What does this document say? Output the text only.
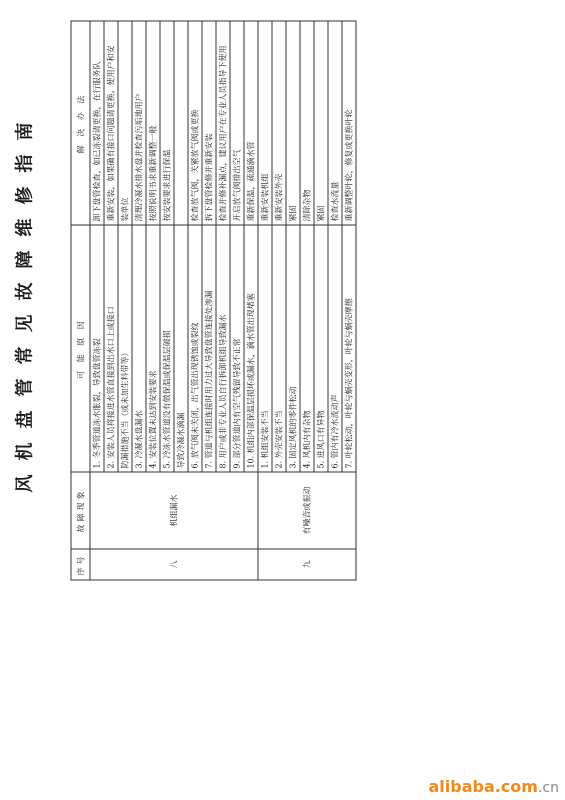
风机盘管常见故障维修指南
序号	故障现象	可 能 原 因	解 决 办 法
八	机组漏水	1. 冬季管道冻水胀裂，导致盘管冻裂	卸下盘管检查，如已冻裂请更换，在行服务队
		2. 安装人员将接进水管直接到出水口上或接口	重新安装，如果确有接口问题请更换。使用户和安
		防漏措施不当（或未加生料带等）	装单位
		3. 冷凝水盘漏水	清理冷凝水排水盘并检查污垢地用户
		4. 安装位置未达到安装要求	按照说明书求重新调整一般
		5. 冷冻水管道没有做保温或保温层破损	按安装要求进行保温
		导致冷凝水滴漏	
		6. 放气阀未关闭，出气管出现锈蚀或裂纹	检查放气阀，关紧放气阀或更换
		7. 管道与机组连接时用力过大导致盘管连接处渗漏	拆下盘管检修并重新安装
		8. 用户或非专业人员自行拆卸机组导致漏水	检查并修补漏点，建议用户在专业人员指导下使用
		9. 部分管道内有空气残留导致不正常	开启放气阀排出空气
		10. 机组内部保温层损坏或漏水，滴水管出现堵塞	重新保温，疏通滴水管
九	有噪音或振动	1. 机组安装不当	重新安装机组
		2. 外壳安装不当	重新安装外壳
		3. 固定风机的零件松动	紧固
		4. 风机内有杂物	清除杂物
		5. 进风口有异物	紧固
		6. 管内有冷水流动声	检查水流量
		7. 叶轮松动，叶轮与蜗壳变形，叶轮与蜗壳摩擦	重新调整叶轮，修复或更换叶轮
alibaba.com.cn
